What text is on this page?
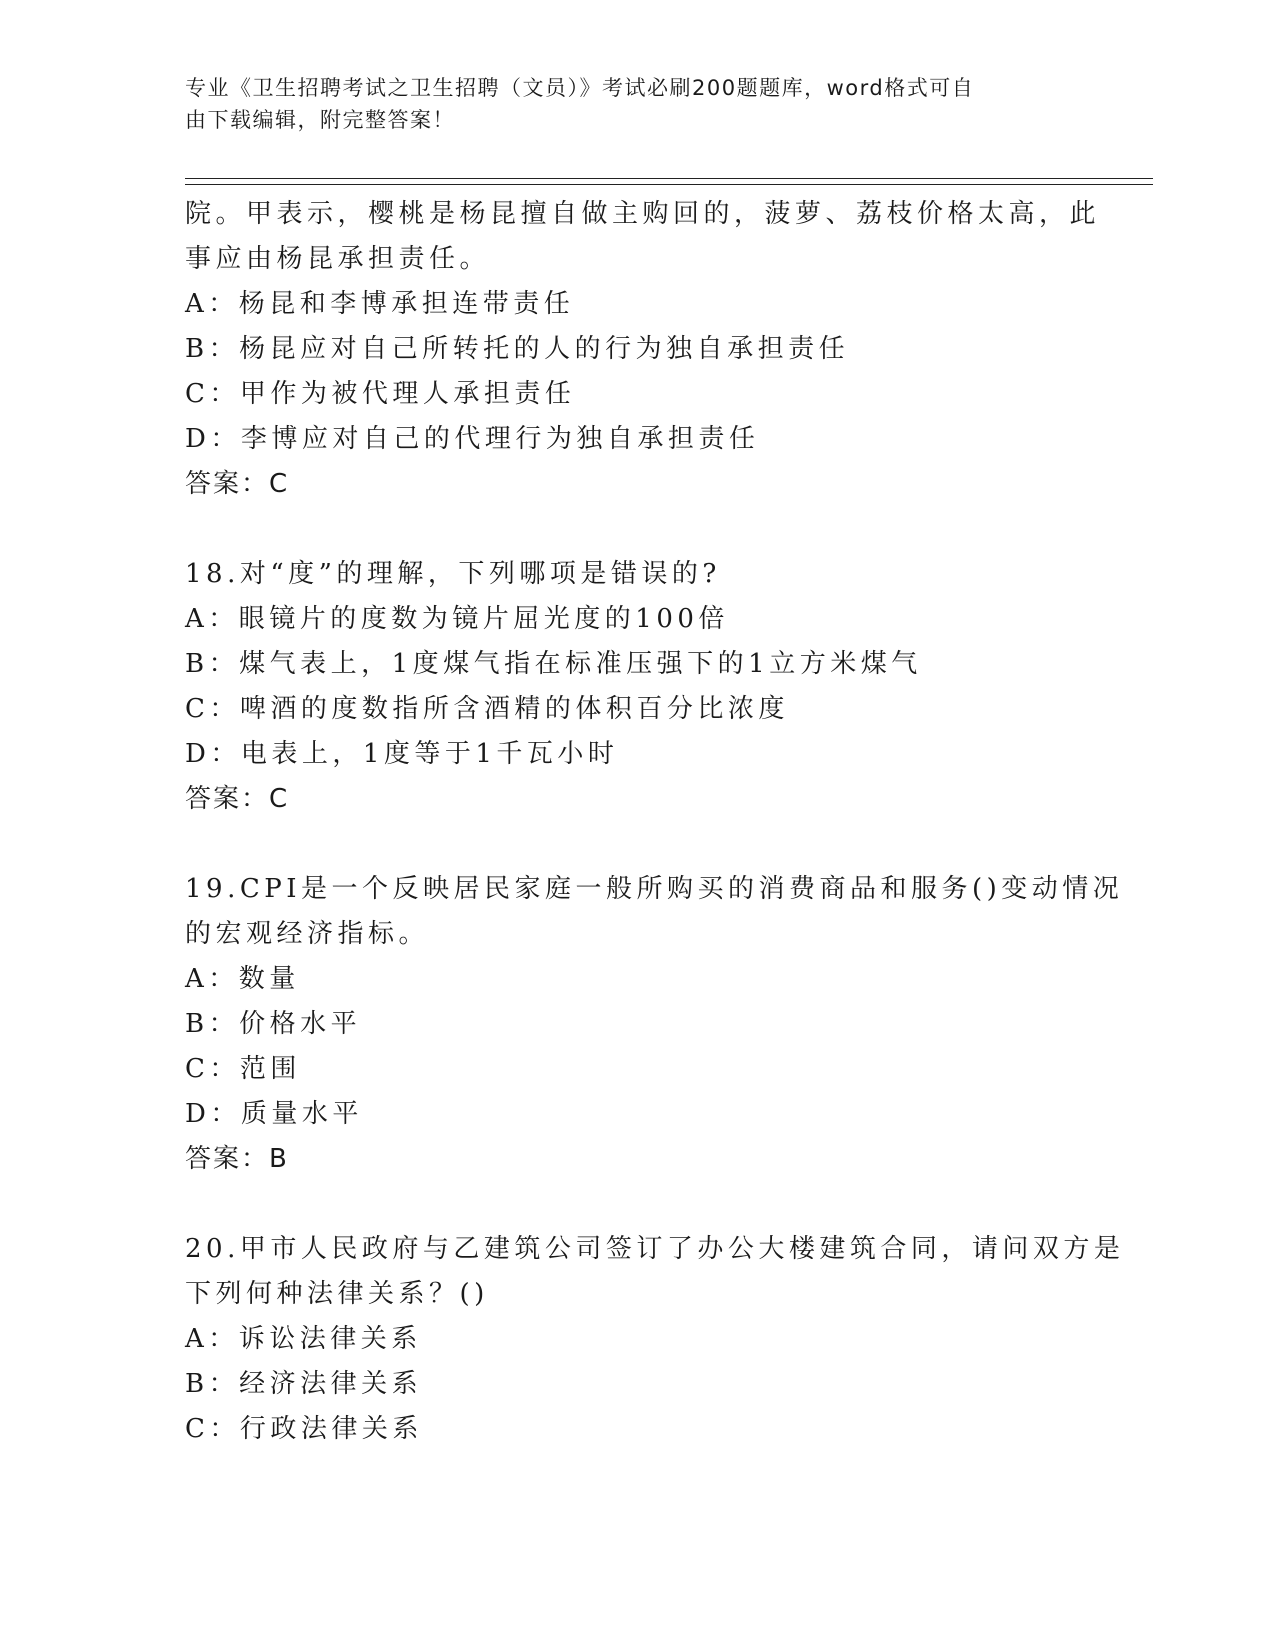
专业《卫生招聘考试之卫生招聘（文员）》考试必刷200题题库，word格式可自
由下载编辑，附完整答案！
院。甲表示，樱桃是杨昆擅自做主购回的，菠萝、荔枝价格太高，此
事应由杨昆承担责任。
A：杨昆和李博承担连带责任
B：杨昆应对自己所转托的人的行为独自承担责任
C：甲作为被代理人承担责任
D：李博应对自己的代理行为独自承担责任
答案：C
18.对“度”的理解，下列哪项是错误的?
A：眼镜片的度数为镜片屈光度的100倍
B：煤气表上，1度煤气指在标准压强下的1立方米煤气
C：啤酒的度数指所含酒精的体积百分比浓度
D：电表上，1度等于1千瓦小时
答案：C
19.CPI是一个反映居民家庭一般所购买的消费商品和服务()变动情况
的宏观经济指标。
A：数量
B：价格水平
C：范围
D：质量水平
答案：B
20.甲市人民政府与乙建筑公司签订了办公大楼建筑合同，请问双方是
下列何种法律关系？()
A：诉讼法律关系
B：经济法律关系
C：行政法律关系
